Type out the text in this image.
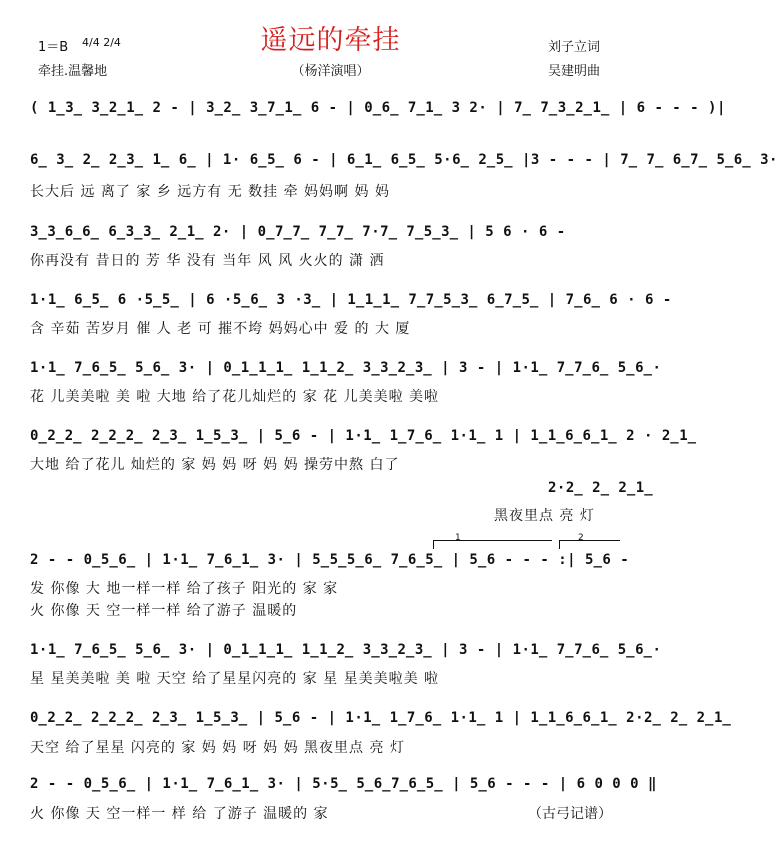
遥远的牵挂
1＝B 4/4 2/4
牵挂.温馨地	（杨洋演唱）
刘子立词
吴建明曲
( 1̲3̲ 3̲2̲1̲ 2 - | 3̲2̲ 3̲7̲1̲ 6 - | 0̲6̲ 7̲1̲ 3 2· | 7̲ 7̲3̲2̲1̲ | 6 - - - )|
6̲ 3̲ 2̲ 2̲3̲ 1̲ 6̲ | 1· 6̲5̲ 6 - | 6̲1̲ 6̲5̲ 5·6̲ 2̲5̲ |3 - - - | 7̲ 7̲ 6̲7̲ 5̲6̲ 3·
长大后 远 离了 家 乡 远方有 无 数挂 牵 妈妈啊 妈 妈
3̲3̲6̲6̲ 6̲3̲3̲ 2̲1̲ 2· | 0̲7̲7̲ 7̲7̲ 7·7̲ 7̲5̲3̲ | 5 6 · 6 -
你再没有 昔日的 芳 华 没有 当年 风 风 火火的 潇 洒
1·1̲ 6̲5̲ 6 ·5̲5̲ | 6 ·5̲6̲ 3 ·3̲ | 1̲1̲1̲ 7̲7̲5̲3̲ 6̲7̲5̲ | 7̲6̲ 6 · 6 -
含 辛茹 苦岁月 催 人 老 可 摧不垮 妈妈心中 爱 的 大 厦
1·1̲ 7̲6̲5̲ 5̲6̲ 3· | 0̲1̲1̲1̲ 1̲1̲2̲ 3̲3̲2̲3̲ | 3 - | 1·1̲ 7̲7̲6̲ 5̲6̲·
花 儿美美啦 美 啦 大地 给了花儿灿烂的 家 花 儿美美啦 美啦
0̲2̲2̲ 2̲2̲2̲ 2̲3̲ 1̲5̲3̲ | 5̲6 - | 1·1̲ 1̲7̲6̲ 1·1̲ 1 | 1̲1̲6̲6̲1̲ 2 · 2̲1̲
大地 给了花儿 灿烂的 家 妈 妈 呀 妈 妈 操劳中熬 白了
2·2̲ 2̲ 2̲1̲
黑夜里点 亮 灯
1	2
2 - - 0̲5̲6̲ | 1·1̲ 7̲6̲1̲ 3· | 5̲5̲5̲6̲ 7̲6̲5̲ | 5̲6 - - - :| 5̲6 -
发 你像 大 地一样一样 给了孩子 阳光的 家 家
火 你像 天 空一样一样 给了游子 温暖的
1·1̲ 7̲6̲5̲ 5̲6̲ 3· | 0̲1̲1̲1̲ 1̲1̲2̲ 3̲3̲2̲3̲ | 3 - | 1·1̲ 7̲7̲6̲ 5̲6̲·
星 星美美啦 美 啦 天空 给了星星闪亮的 家 星 星美美啦美 啦
0̲2̲2̲ 2̲2̲2̲ 2̲3̲ 1̲5̲3̲ | 5̲6 - | 1·1̲ 1̲7̲6̲ 1·1̲ 1 | 1̲1̲6̲6̲1̲ 2·2̲ 2̲ 2̲1̲
天空 给了星星 闪亮的 家 妈 妈 呀 妈 妈 黑夜里点 亮 灯
2 - - 0̲5̲6̲ | 1·1̲ 7̲6̲1̲ 3· | 5·5̲ 5̲6̲7̲6̲5̲ | 5̲6 - - - | 6 0 0 0 ‖
火 你像 天 空一样一 样 给 了游子 温暖的 家	（古弓记谱）
